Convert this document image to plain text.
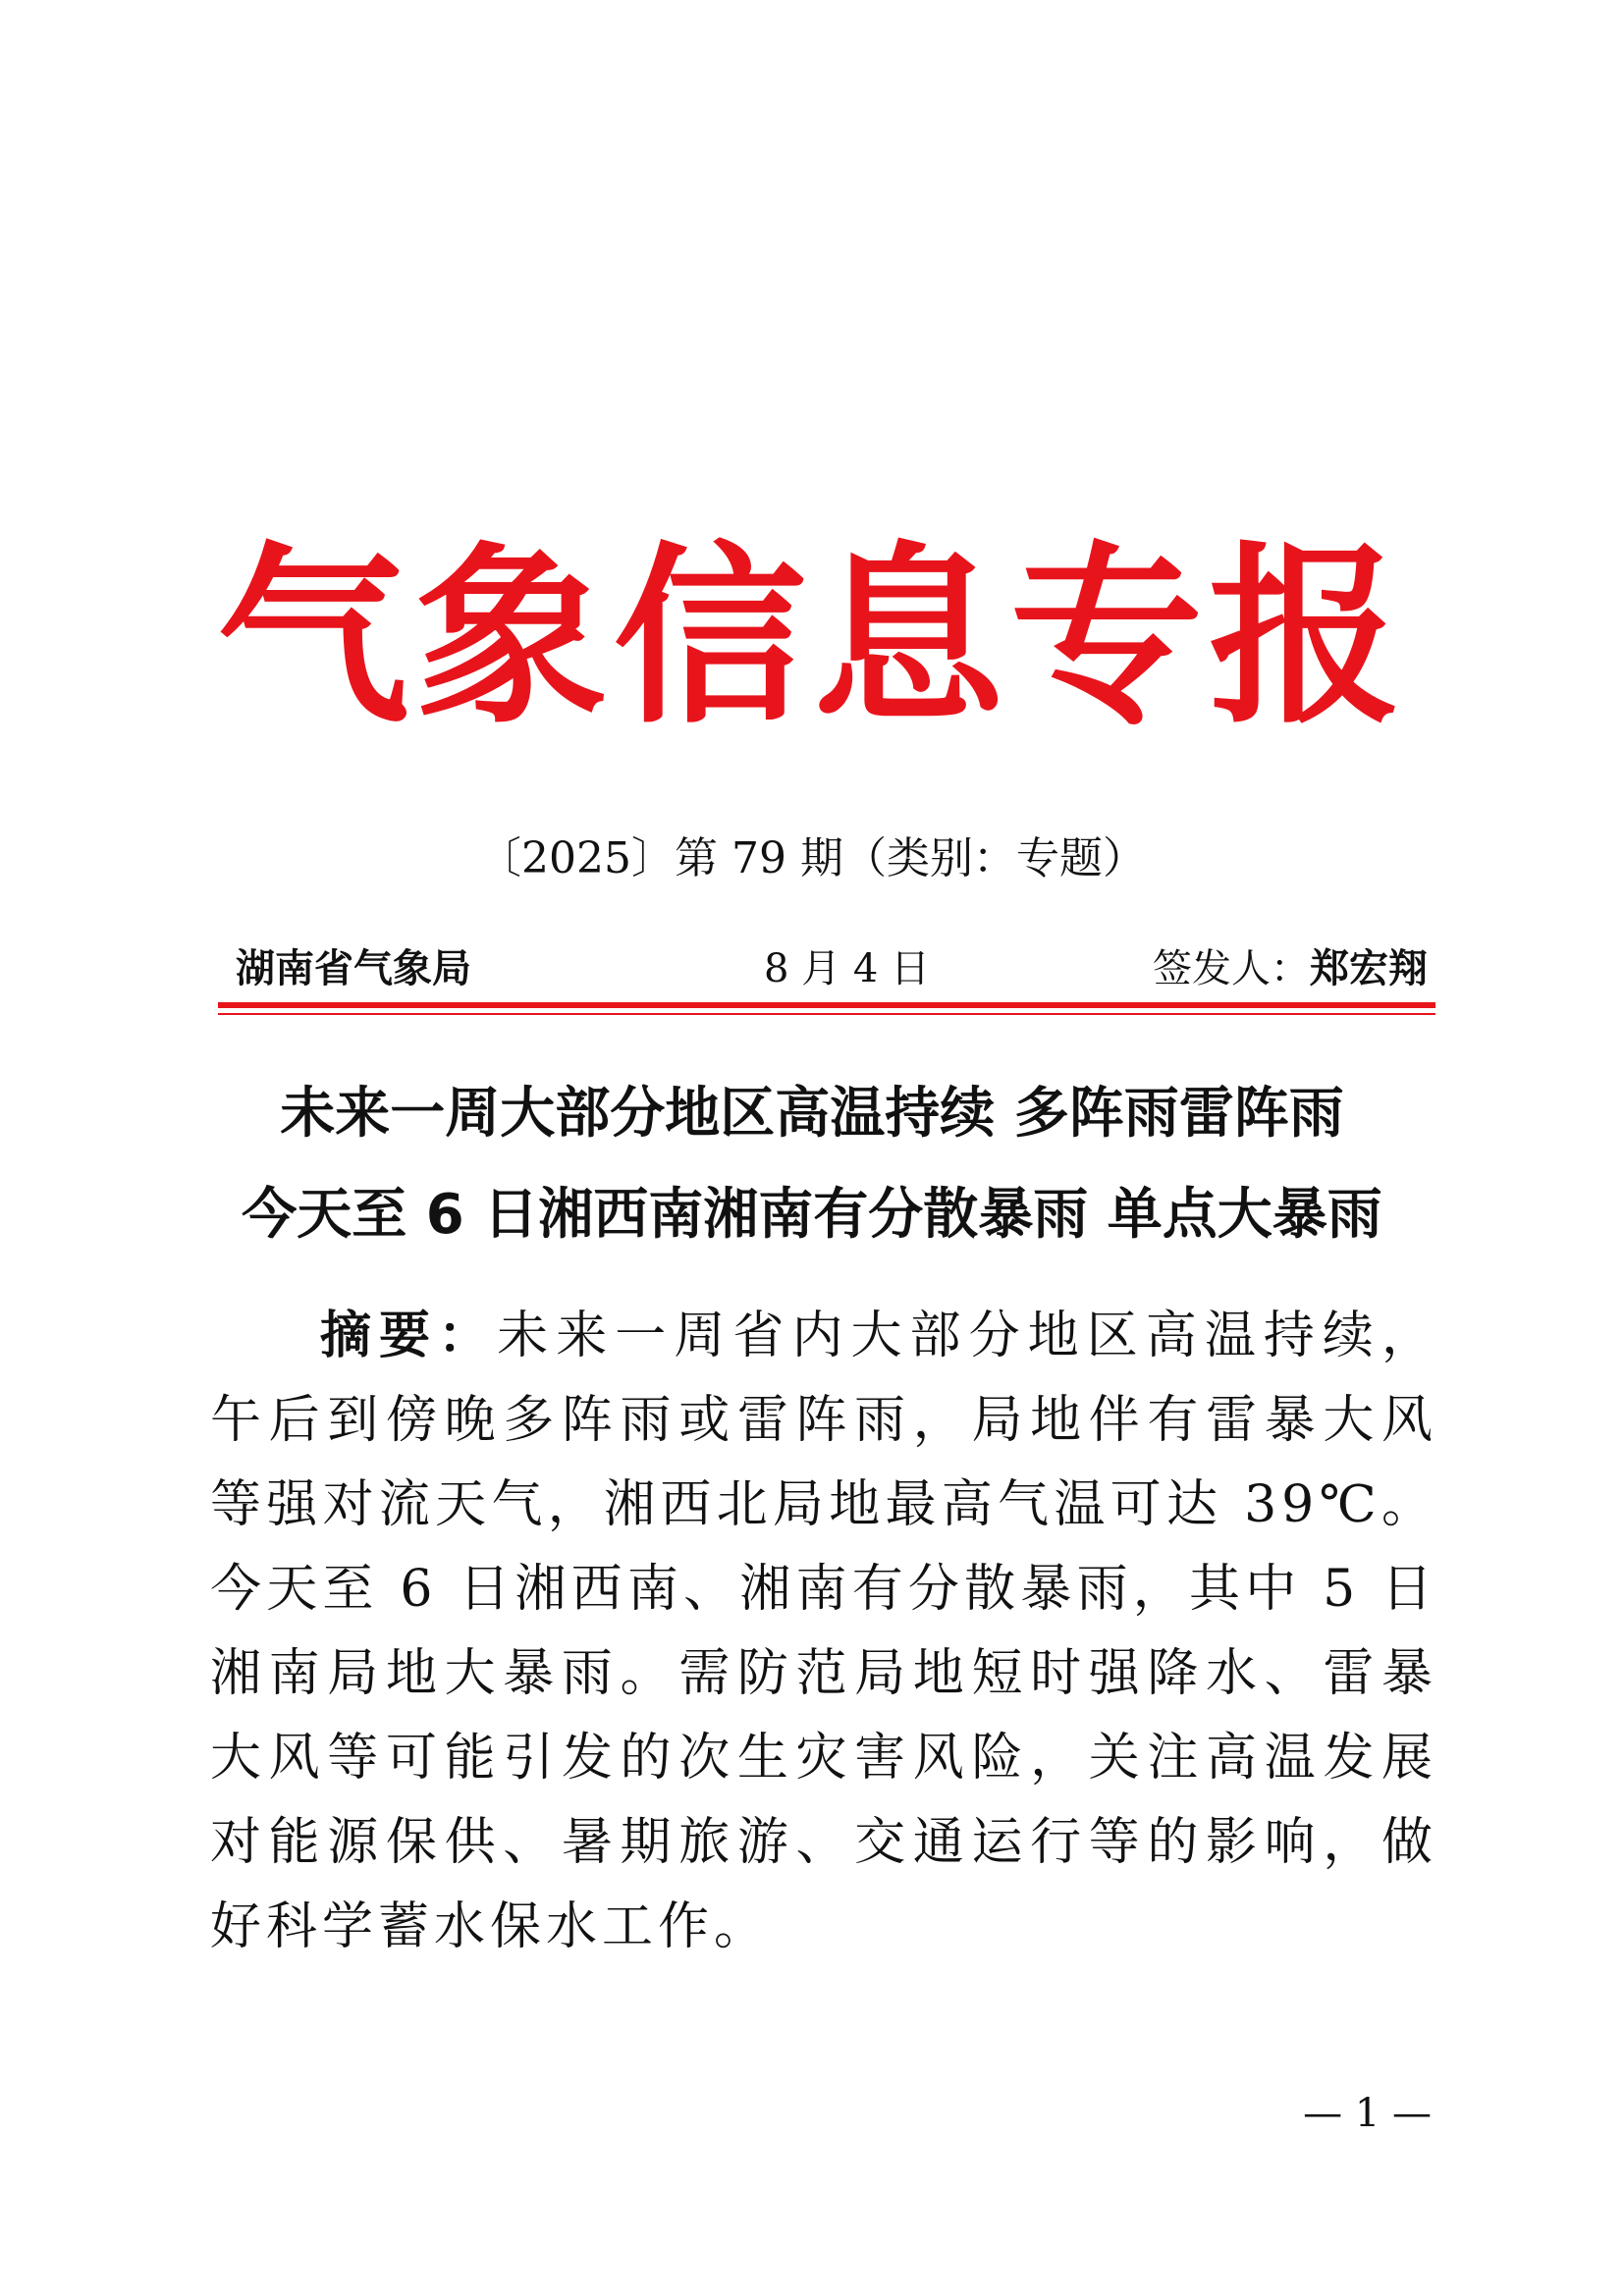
气象信息专报
〔2025〕第 79 期（类别：专题）
湖南省气象局	8 月 4 日	签发人：郑宏翔
未来一周大部分地区高温持续 多阵雨雷阵雨
今天至 6 日湘西南湘南有分散暴雨 单点大暴雨

摘要：未来一周省内大部分地区高温持续，午后到傍晚多阵雨或雷阵雨，局地伴有雷暴大风等强对流天气，湘西北局地最高气温可达 39℃。今天至 6 日湘西南、湘南有分散暴雨，其中 5 日湘南局地大暴雨。需防范局地短时强降水、雷暴大风等可能引发的次生灾害风险，关注高温发展对能源保供、暑期旅游、交通运行等的影响，做好科学蓄水保水工作。

— 1 —
